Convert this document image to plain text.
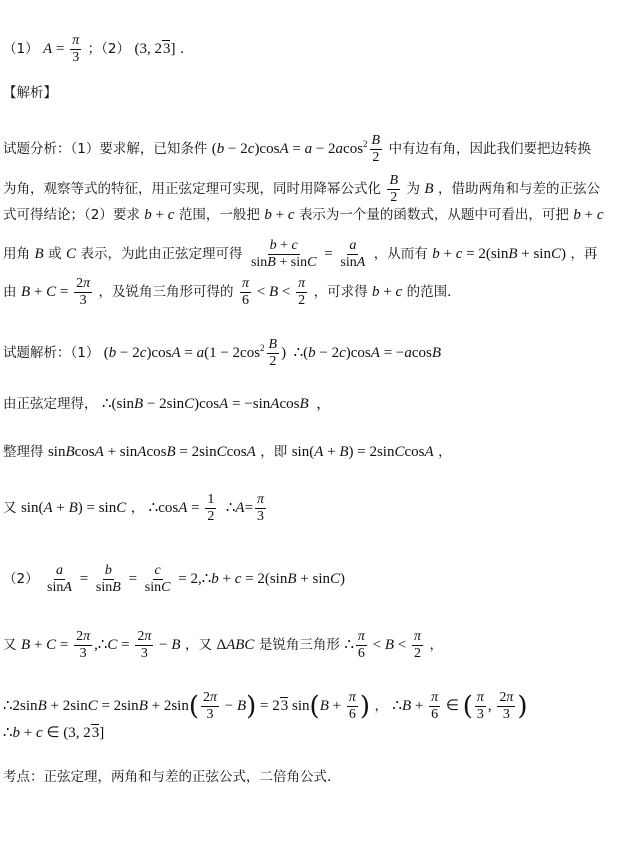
（1） $A = \frac{\pi}{3}$ ；（2） (3, 23] ．
【解析】
试题分析：（1）要求解，已知条件 $(b - 2c)\cos A = a - 2acos^2 \frac{B}{2}$ 中有边有角，因此我们要把边转换
为角，观察等式的特征，用正弦定理可实现，同时用降幂公式化 $\frac{B}{2}$ 为 B ，借助两角和与差的正弦公
式可得结论；（2）要求 b + c 范围，一般把 b + c 表示为一个量的函数式，从题中可看出，可把 b + c
用角 B 或 C 表示，为此由正弦定理可得 $\frac{b + c}{\sin B + \sin C} = \frac{a}{\sin A}$ ，从而有 b + c = 2(sinB + sinC) ，再
由 $B + C = \frac{2\pi}{3}$ ，及锐角三角形可得的 $\frac{\pi}{6} < B < \frac{\pi}{2}$ ，可求得 b + c 的范围．
试题解析：（1） $(b - 2c)\cos A = a(1 - 2\cos^2 \frac{B}{2}$ )  ∴(b − 2c)cosA = −acosB
由正弦定理得， ∴(sinB − 2sinC)cosA = −sinAcosB  ，
整理得 sinBcosA + sinAcosB = 2sinCcosA ，即 sin(A + B) = 2sinCcosA ，
又 sin(A + B) = sinC ， ∴cosA = $\frac{1}{2}$ ∴A= $\frac{\pi}{3}$
$(2) \frac{a}{\sin A} = \frac{b}{\sin B} = \frac{c}{\sin C}$ = 2,∴b + c = 2(sinB + sinC)
又 $B + C = \frac{2\pi}{3}$ ,∴C = $\frac{2\pi}{3} - B$ ，又 ΔABC 是锐角三角形 ∴ $\frac{\pi}{6} < B < \frac{\pi}{2}$ ，
∴2sinB + $2\sin C = 2\sin B + 2\sin( \frac{2\pi}{3} - B) = 23$ $\sin(B + \frac{\pi}{6}$ ) ， ∴B + $\frac{\pi}{6}$ ∈ ( $\frac{\pi}{3}$ , $\frac{2\pi}{3}$ )
∴b + c ∈ (3, 23]
考点：正弦定理，两角和与差的正弦公式，二倍角公式．
